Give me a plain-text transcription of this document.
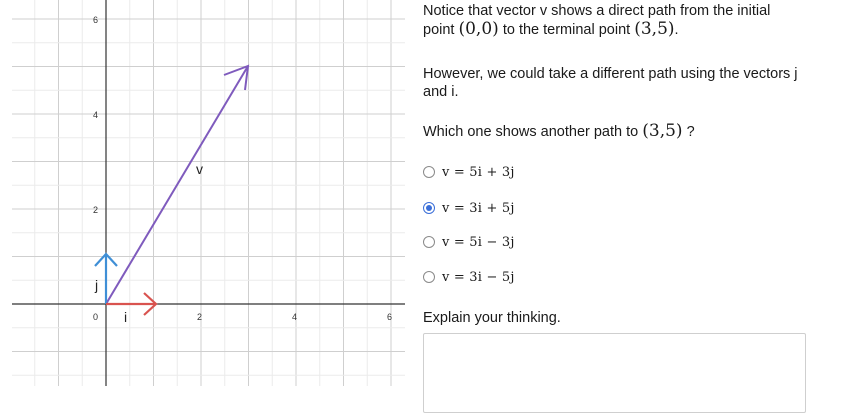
0	2	4	6
2
4
6
v
j
i

Notice that vector v shows a direct path from the initial point (0,0) to the terminal point (3,5).

However, we could take a different path using the vectors j and i.

Which one shows another path to (3,5) ?

v = 5i + 3j
v = 3i + 5j
v = 5i − 3j
v = 3i − 5j

Explain your thinking.
